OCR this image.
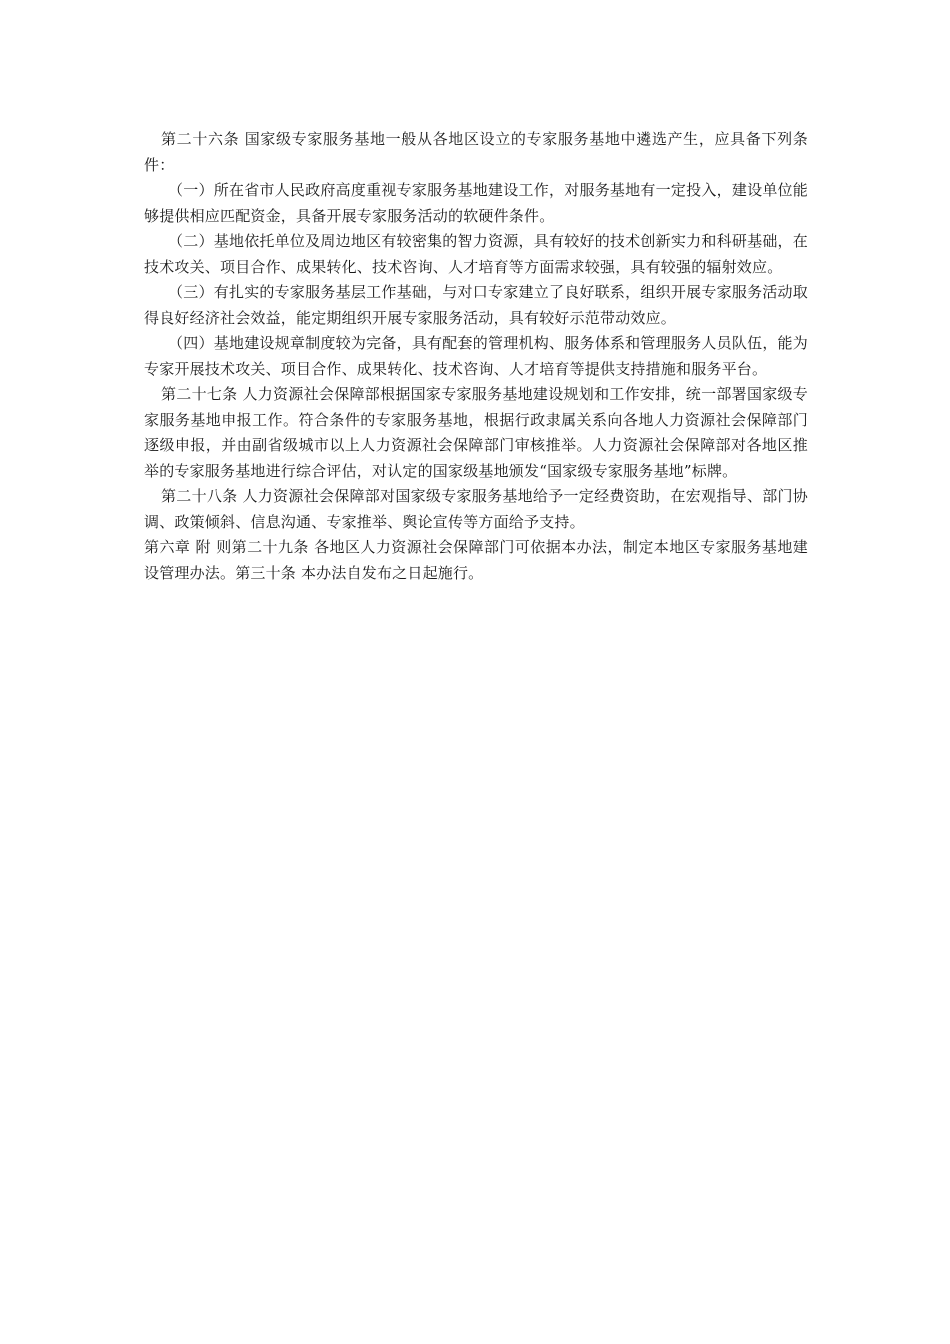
第二十六条 国家级专家服务基地一般从各地区设立的专家服务基地中遴选产生，应具备下列条件：

（一）所在省市人民政府高度重视专家服务基地建设工作，对服务基地有一定投入，建设单位能够提供相应匹配资金，具备开展专家服务活动的软硬件条件。

（二）基地依托单位及周边地区有较密集的智力资源，具有较好的技术创新实力和科研基础，在技术攻关、项目合作、成果转化、技术咨询、人才培育等方面需求较强，具有较强的辐射效应。

（三）有扎实的专家服务基层工作基础，与对口专家建立了良好联系，组织开展专家服务活动取得良好经济社会效益，能定期组织开展专家服务活动，具有较好示范带动效应。

（四）基地建设规章制度较为完备，具有配套的管理机构、服务体系和管理服务人员队伍，能为专家开展技术攻关、项目合作、成果转化、技术咨询、人才培育等提供支持措施和服务平台。

第二十七条 人力资源社会保障部根据国家专家服务基地建设规划和工作安排，统一部署国家级专家服务基地申报工作。符合条件的专家服务基地，根据行政隶属关系向各地人力资源社会保障部门逐级申报，并由副省级城市以上人力资源社会保障部门审核推举。人力资源社会保障部对各地区推举的专家服务基地进行综合评估，对认定的国家级基地颁发“国家级专家服务基地”标牌。

第二十八条 人力资源社会保障部对国家级专家服务基地给予一定经费资助，在宏观指导、部门协调、政策倾斜、信息沟通、专家推举、舆论宣传等方面给予支持。

第六章 附 则第二十九条 各地区人力资源社会保障部门可依据本办法，制定本地区专家服务基地建设管理办法。第三十条 本办法自发布之日起施行。
